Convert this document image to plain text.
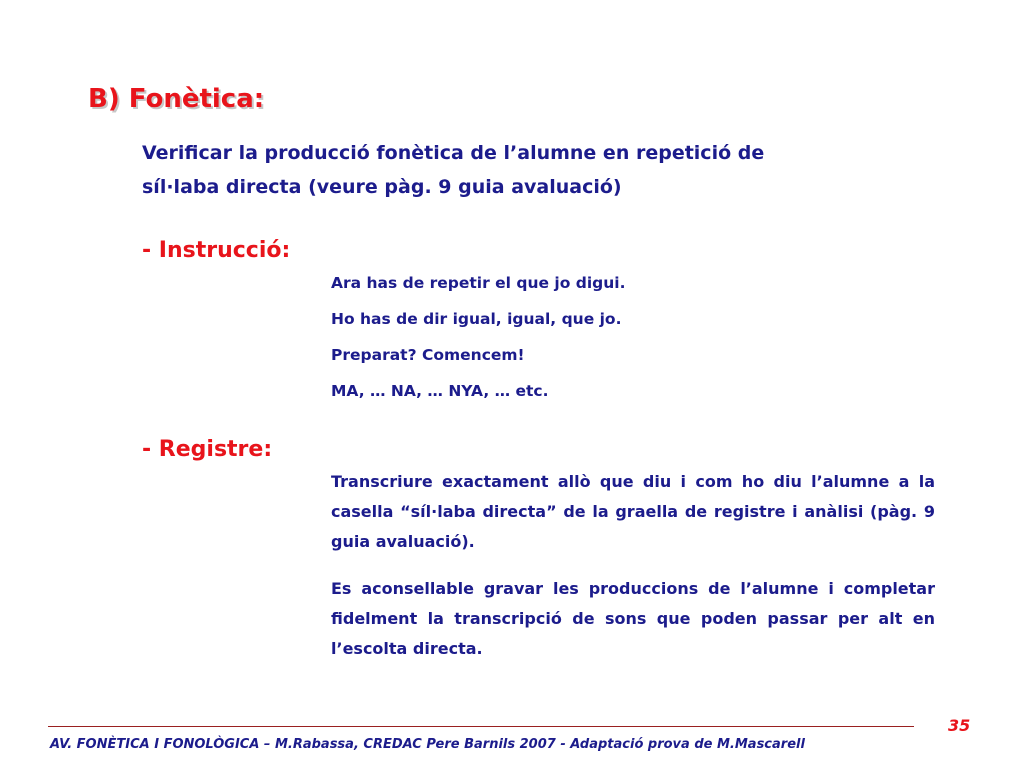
B) Fonètica:
Verificar la producció fonètica de l’alumne en repetició de
síl·laba directa (veure pàg. 9 guia avaluació)
- Instrucció:
Ara has de repetir el que jo digui.
Ho has de dir igual, igual, que jo.
Preparat? Comencem!
MA, … NA, … NYA, … etc.
- Registre:
Transcriure exactament allò que diu i com ho diu l’alumne a la casella “síl·laba directa” de la graella de registre i anàlisi (pàg. 9 guia avaluació).
Es aconsellable gravar les produccions de l’alumne i completar fidelment la transcripció de sons que poden passar per alt en l’escolta directa.
35
AV. FONÈTICA I FONOLÒGICA – M.Rabassa, CREDAC Pere Barnils 2007 - Adaptació prova de M.Mascarell
